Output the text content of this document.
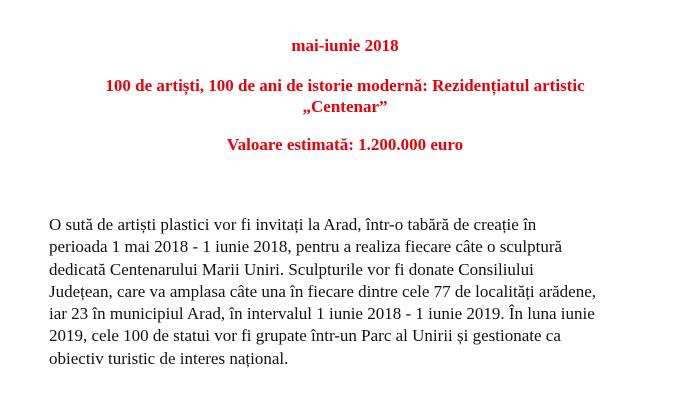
mai-iunie 2018

100 de artiști, 100 de ani de istorie modernă: Rezidențiatul artistic
„Centenar”

Valoare estimată: 1.200.000 euro

O sută de artiști plastici vor fi invitați la Arad, într-o tabără de creație în
perioada 1 mai 2018 - 1 iunie 2018, pentru a realiza fiecare câte o sculptură
dedicată Centenarului Marii Uniri. Sculpturile vor fi donate Consiliului
Județean, care va amplasa câte una în fiecare dintre cele 77 de localități arădene,
iar 23 în municipiul Arad, în intervalul 1 iunie 2018 - 1 iunie 2019. În luna iunie
2019, cele 100 de statui vor fi grupate într-un Parc al Unirii și gestionate ca
obiectiv turistic de interes național.
